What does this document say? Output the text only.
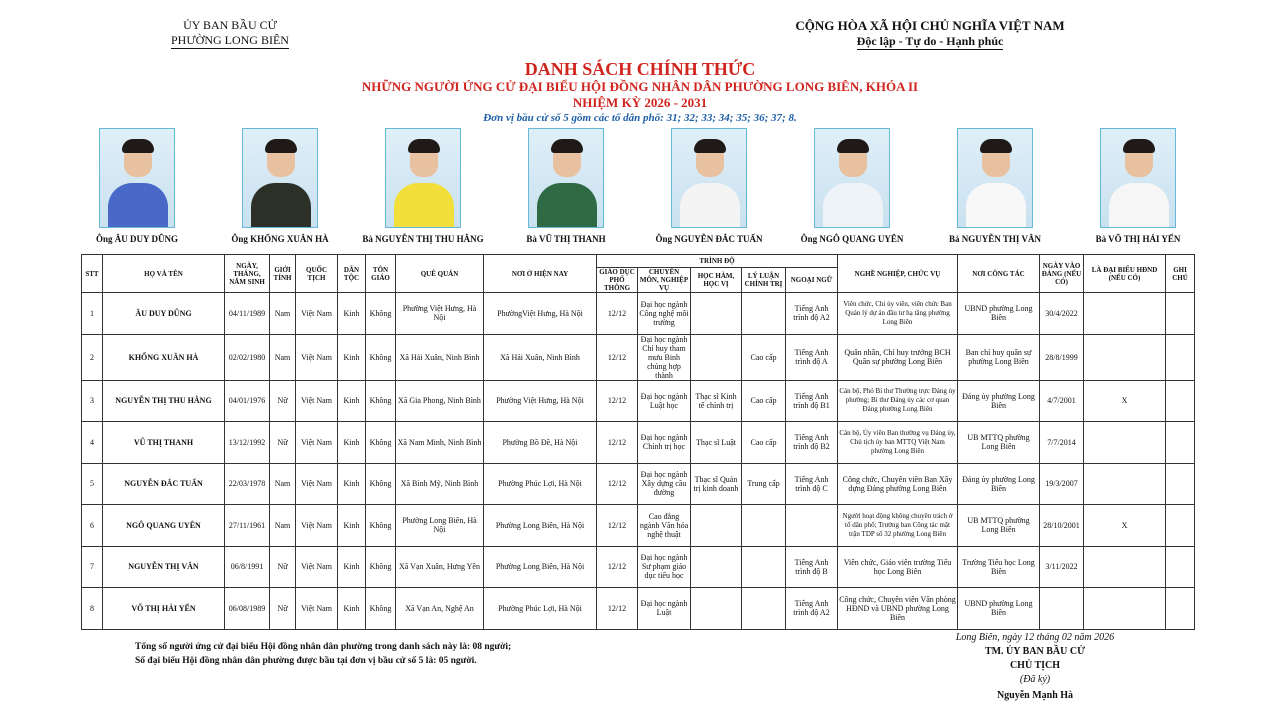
ỦY BAN BẦU CỬ
PHƯỜNG LONG BIÊN
CỘNG HÒA XÃ HỘI CHỦ NGHĨA VIỆT NAM
Độc lập - Tự do - Hạnh phúc
DANH SÁCH CHÍNH THỨC
NHỮNG NGƯỜI ỨNG CỬ ĐẠI BIỂU HỘI ĐỒNG NHÂN DÂN PHƯỜNG LONG BIÊN, KHÓA II
NHIỆM KỲ 2026 - 2031
Đơn vị bầu cử số 5 gồm các tổ dân phố: 31; 32; 33; 34; 35; 36; 37; 8.
Ông ÂU DUY DŨNG	Ông KHỔNG XUÂN HÀ	Bà NGUYỄN THỊ THU HẰNG	Bà VŨ THỊ THANH	Ông NGUYỄN ĐẮC TUẤN	Ông NGÔ QUANG UYÊN	Bà NGUYỄN THỊ VÂN	Bà VÕ THỊ HẢI YẾN
STT	HỌ VÀ TÊN	NGÀY, THÁNG, NĂM SINH	GIỚI TÍNH	QUỐC TỊCH	DÂN TỘC	TÔN GIÁO	QUÊ QUÁN	NƠI Ở HIỆN NAY	TRÌNH ĐỘ					NGHỀ NGHIỆP, CHỨC VỤ	NƠI CÔNG TÁC	NGÀY VÀO ĐẢNG (NẾU CÓ)	LÀ ĐẠI BIỂU HĐND (NẾU CÓ)	GHI CHÚ
									GIÁO DỤC PHỔ THÔNG	CHUYÊN MÔN, NGHIỆP VỤ	HỌC HÀM, HỌC VỊ	LÝ LUẬN CHÍNH TRỊ	NGOẠI NGỮ					
1	ÂU DUY DŨNG	04/11/1989	Nam	Việt Nam	Kinh	Không	Phường Việt Hưng, Hà Nội	PhườngViệt Hưng, Hà Nội	12/12	Đại học ngành Công nghệ môi trường			Tiếng Anh trình độ A2	Viên chức, Chi ủy viên, viên chức Ban Quản lý dự án đầu tư hạ tầng phường Long Biên	UBND phường Long Biên	30/4/2022		
2	KHỔNG XUÂN HÀ	02/02/1980	Nam	Việt Nam	Kinh	Không	Xã Hải Xuân, Ninh Bình	Xã Hải Xuân, Ninh Bình	12/12	Đại học ngành Chỉ huy tham mưu Binh chủng hợp thành		Cao cấp	Tiếng Anh trình độ A	Quân nhân, Chỉ huy trưởng BCH Quân sự phường Long Biên	Ban chỉ huy quân sự phường Long Biên	28/8/1999		
3	NGUYỄN THỊ THU HẰNG	04/01/1976	Nữ	Việt Nam	Kinh	Không	Xã Gia Phong, Ninh Bình	Phường Việt Hưng, Hà Nội	12/12	Đại học ngành Luật học	Thạc sĩ Kinh tế chính trị	Cao cấp	Tiếng Anh trình độ B1	Cán bộ, Phó Bí thư Thường trực Đảng ủy phường; Bí thư Đảng ủy các cơ quan Đảng phường Long Biên	Đảng ủy phường Long Biên	4/7/2001	X	
4	VŨ THỊ THANH	13/12/1992	Nữ	Việt Nam	Kinh	Không	Xã Nam Minh, Ninh Bình	Phường Bồ Đề, Hà Nội	12/12	Đại học ngành Chính trị học	Thạc sĩ Luật	Cao cấp	Tiếng Anh trình độ B2	Cán bộ, Ủy viên Ban thường vụ Đảng ủy, Chủ tịch ủy ban MTTQ Việt Nam phường Long Biên	UB MTTQ phường Long Biên	7/7/2014		
5	NGUYỄN ĐẮC TUẤN	22/03/1978	Nam	Việt Nam	Kinh	Không	Xã Bình Mỹ, Ninh Bình	Phường Phúc Lợi, Hà Nội	12/12	Đại học ngành Xây dựng cầu đường	Thạc sĩ Quản trị kinh doanh	Trung cấp	Tiếng Anh trình độ C	Công chức, Chuyên viên Ban Xây dựng Đảng phường Long Biên	Đảng ủy phường Long Biên	19/3/2007		
6	NGÔ QUANG UYÊN	27/11/1961	Nam	Việt Nam	Kinh	Không	Phường Long Biên, Hà Nội	Phường Long Biên, Hà Nội	12/12	Cao đẳng ngành Văn hóa nghệ thuật				Người hoạt động không chuyên trách ở tổ dân phố; Trưởng ban Công tác mặt trận TDP số 32 phường Long Biên	UB MTTQ phường Long Biên	28/10/2001	X	
7	NGUYỄN THỊ VÂN	06/8/1991	Nữ	Việt Nam	Kinh	Không	Xã Vạn Xuân, Hưng Yên	Phường Long Biên, Hà Nội	12/12	Đại học ngành Sư phạm giáo dục tiểu học			Tiếng Anh trình độ B	Viên chức, Giáo viên trường Tiểu học Long Biên	Trường Tiểu học Long Biên	3/11/2022		
8	VÕ THỊ HẢI YẾN	06/08/1989	Nữ	Việt Nam	Kinh	Không	Xã Vạn An, Nghệ An	Phường Phúc Lợi, Hà Nội	12/12	Đại học ngành Luật			Tiếng Anh trình độ A2	Công chức, Chuyên viên Văn phòng HĐND và UBND phường Long Biên	UBND phường Long Biên			
Tổng số người ứng cử đại biểu Hội đồng nhân dân phường trong danh sách này là: 08 người;
Số đại biểu Hội đồng nhân dân phường được bầu tại đơn vị bầu cử số 5 là: 05 người.
Long Biên, ngày 12 tháng 02 năm 2026
TM. ỦY BAN BẦU CỬ
CHỦ TỊCH
(Đã ký)
Nguyễn Mạnh Hà
